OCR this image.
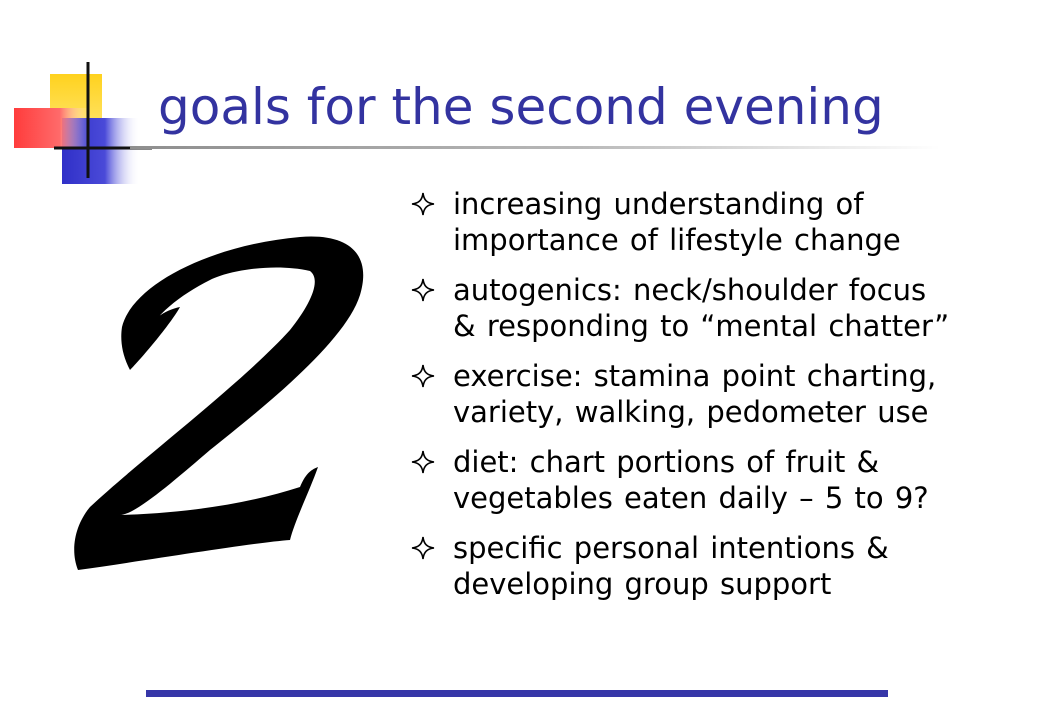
goals for the second evening
increasing understanding of
importance of lifestyle change
autogenics: neck/shoulder focus
& responding to “mental chatter”
exercise: stamina point charting,
variety, walking, pedometer use
diet: chart portions of fruit &
vegetables eaten daily – 5 to 9?
specific personal intentions &
developing group support
